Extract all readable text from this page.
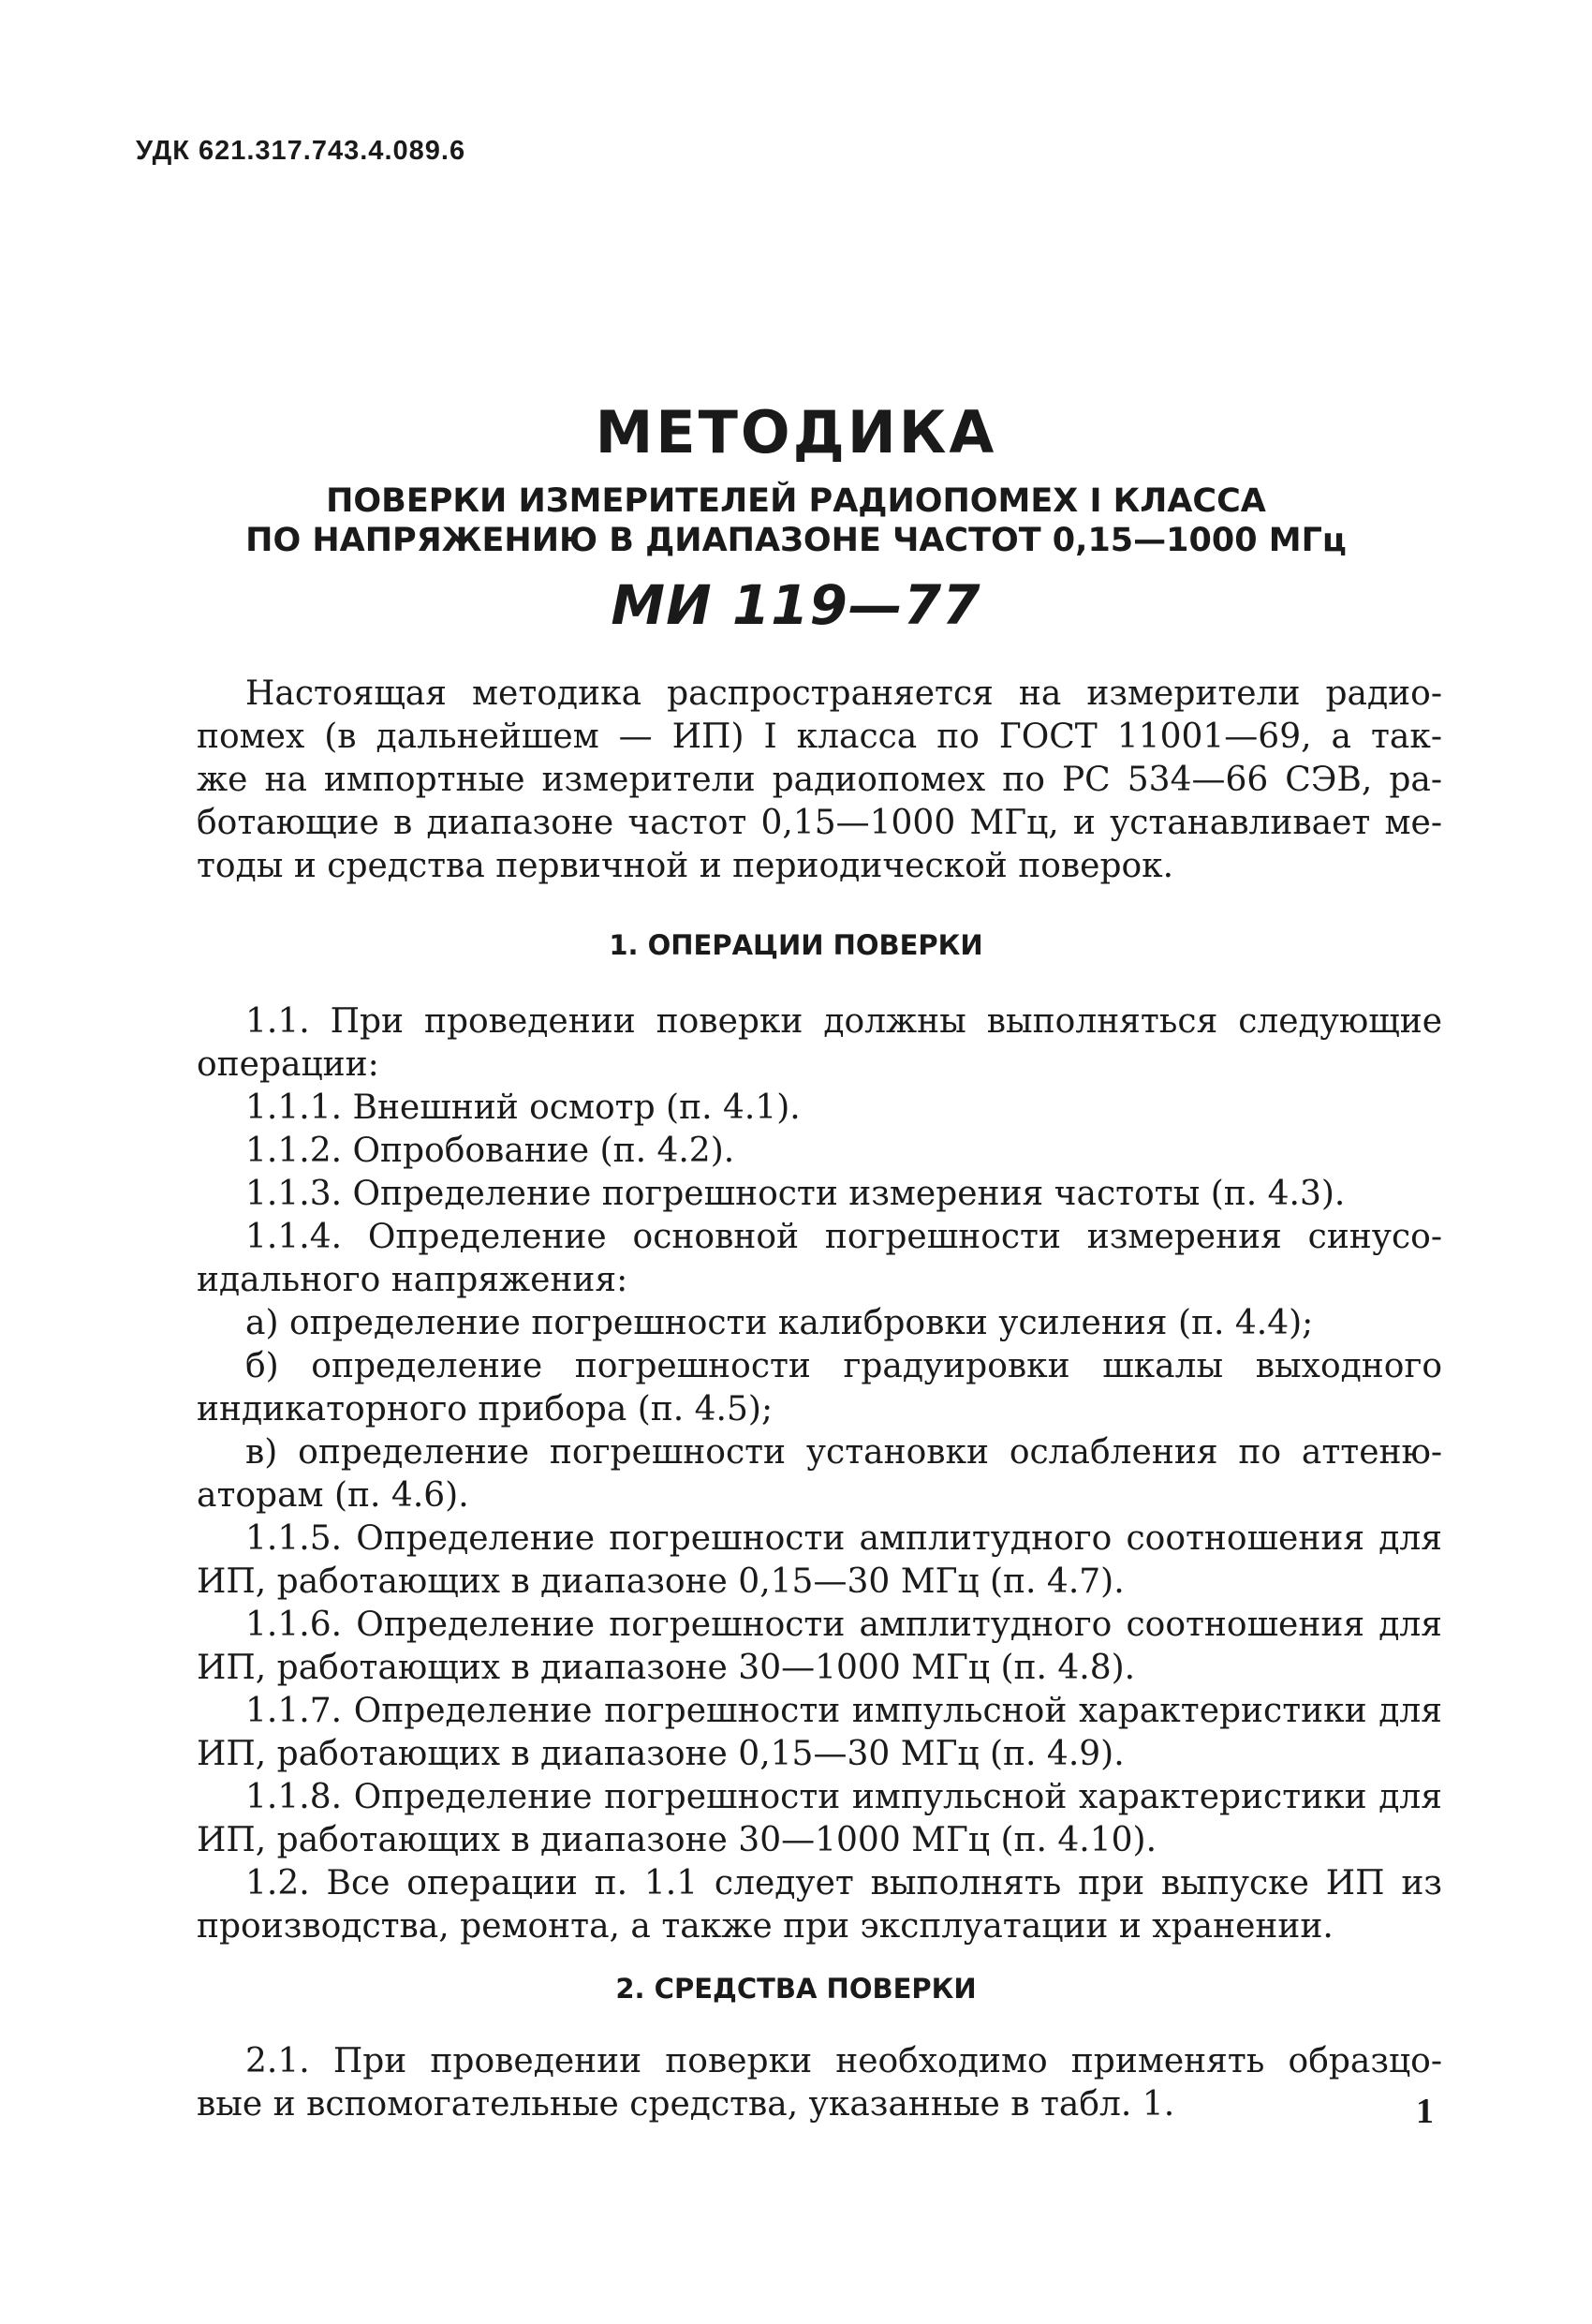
УДК 621.317.743.4.089.6
МЕТОДИКА
ПОВЕРКИ ИЗМЕРИТЕЛЕЙ РАДИОПОМЕХ I КЛАССА
ПО НАПРЯЖЕНИЮ В ДИАПАЗОНЕ ЧАСТОТ 0,15—1000 МГц
МИ 119—77
Настоящая методика распространяется на измерители радио-
помех (в дальнейшем — ИП) I класса по ГОСТ 11001—69, а так-
же на импортные измерители радиопомех по РС 534—66 СЭВ, ра-
ботающие в диапазоне частот 0,15—1000 МГц, и устанавливает ме-
тоды и средства первичной и периодической поверок.
1. ОПЕРАЦИИ ПОВЕРКИ
1.1. При проведении поверки должны выполняться следующие
операции:
1.1.1. Внешний осмотр (п. 4.1).
1.1.2. Опробование (п. 4.2).
1.1.3. Определение погрешности измерения частоты (п. 4.3).
1.1.4. Определение основной погрешности измерения синусо-
идального напряжения:
а) определение погрешности калибровки усиления (п. 4.4);
б) определение погрешности градуировки шкалы выходного
индикаторного прибора (п. 4.5);
в) определение погрешности установки ослабления по аттеню-
аторам (п. 4.6).
1.1.5. Определение погрешности амплитудного соотношения для
ИП, работающих в диапазоне 0,15—30 МГц (п. 4.7).
1.1.6. Определение погрешности амплитудного соотношения для
ИП, работающих в диапазоне 30—1000 МГц (п. 4.8).
1.1.7. Определение погрешности импульсной характеристики для
ИП, работающих в диапазоне 0,15—30 МГц (п. 4.9).
1.1.8. Определение погрешности импульсной характеристики для
ИП, работающих в диапазоне 30—1000 МГц (п. 4.10).
1.2. Все операции п. 1.1 следует выполнять при выпуске ИП из
производства, ремонта, а также при эксплуатации и хранении.
2. СРЕДСТВА ПОВЕРКИ
2.1. При проведении поверки необходимо применять образцо-
вые и вспомогательные средства, указанные в табл. 1.	1
